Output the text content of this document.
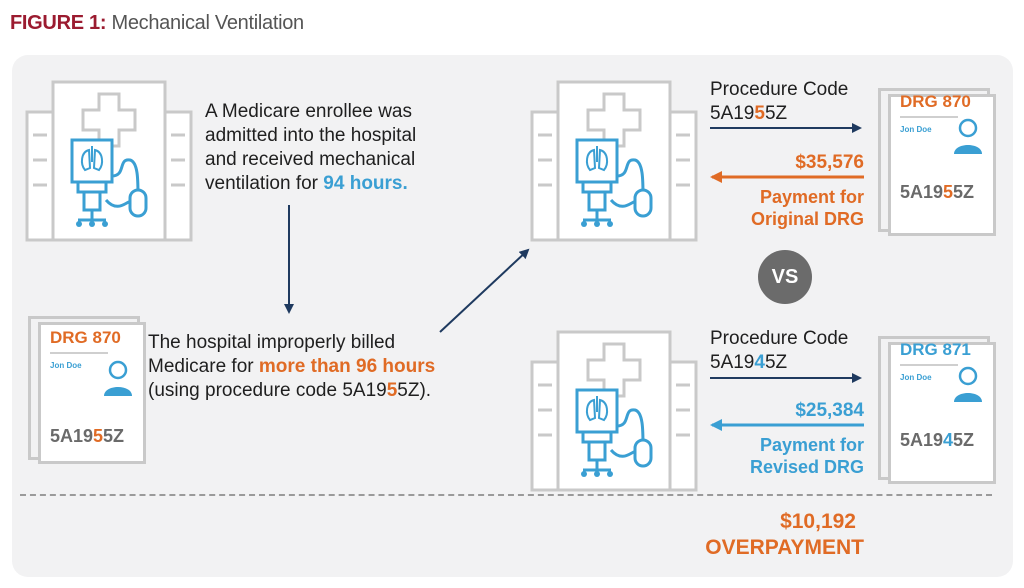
FIGURE 1: Mechanical Ventilation
A Medicare enrollee was
admitted into the hospital
and received mechanical
ventilation for 94 hours.
The hospital improperly billed
Medicare for more than 96 hours
(using procedure code 5A1955Z).
DRG 870
Jon Doe
5A1955Z
Procedure Code
5A1955Z
$35,576
Payment for
Original DRG
DRG 870
Jon Doe
5A1955Z
VS
Procedure Code
5A1945Z
$25,384
Payment for
Revised DRG
DRG 871
Jon Doe
5A1945Z
$10,192
OVERPAYMENT
